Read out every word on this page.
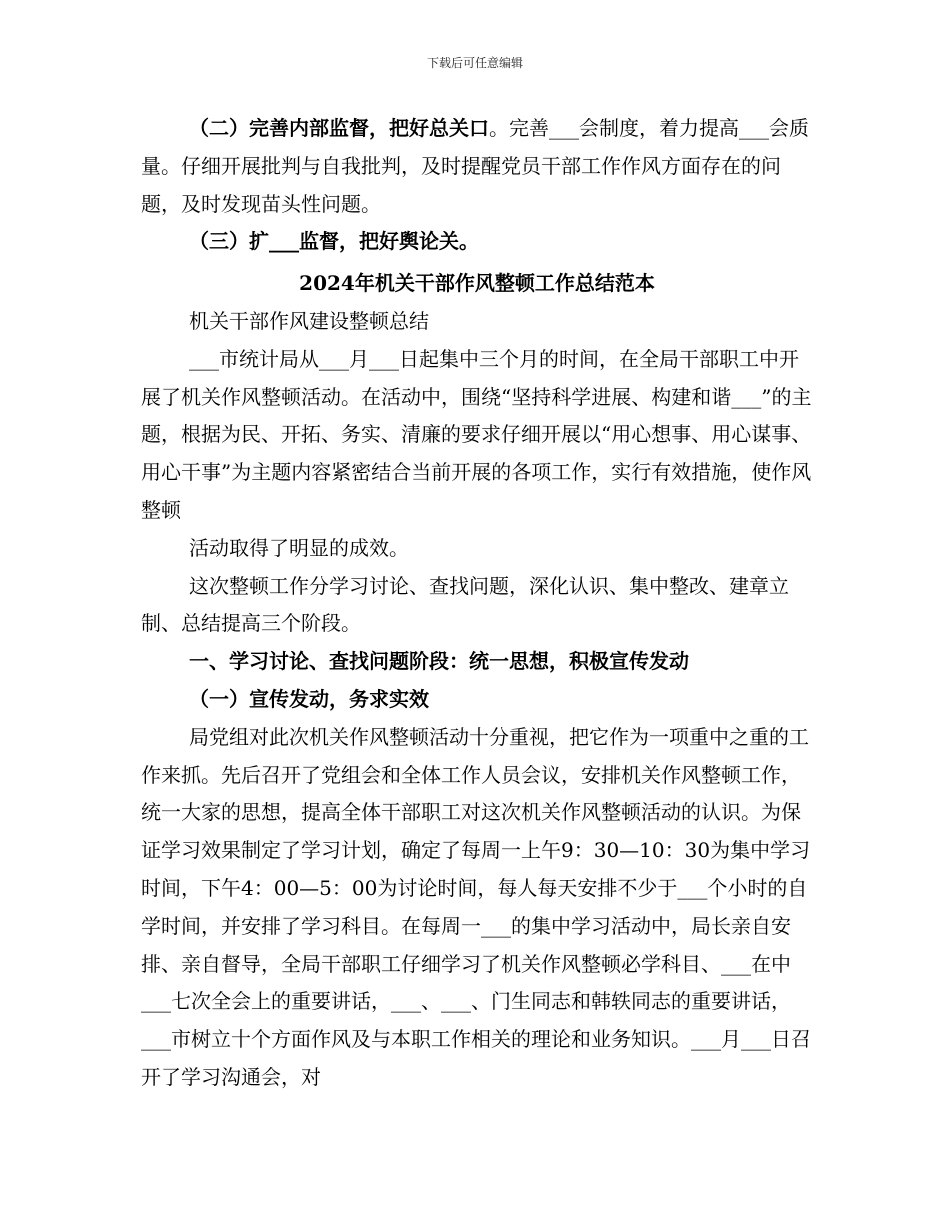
下载后可任意编辑

（二）完善内部监督，把好总关口。完善___会制度，着力提高___会质量。仔细开展批判与自我批判，及时提醒党员干部工作作风方面存在的问题，及时发现苗头性问题。

（三）扩___监督，把好舆论关。

2024年机关干部作风整顿工作总结范本

机关干部作风建设整顿总结

___市统计局从___月___日起集中三个月的时间，在全局干部职工中开展了机关作风整顿活动。在活动中，围绕“坚持科学进展、构建和谐___”的主题，根据为民、开拓、务实、清廉的要求仔细开展以“用心想事、用心谋事、用心干事”为主题内容紧密结合当前开展的各项工作，实行有效措施，使作风整顿

活动取得了明显的成效。

这次整顿工作分学习讨论、查找问题，深化认识、集中整改、建章立制、总结提高三个阶段。

一、学习讨论、查找问题阶段：统一思想，积极宣传发动

（一）宣传发动，务求实效

局党组对此次机关作风整顿活动十分重视，把它作为一项重中之重的工作来抓。先后召开了党组会和全体工作人员会议，安排机关作风整顿工作，统一大家的思想，提高全体干部职工对这次机关作风整顿活动的认识。为保证学习效果制定了学习计划，确定了每周一上午9：30—10：30为集中学习时间，下午4：00—5：00为讨论时间，每人每天安排不少于___个小时的自学时间，并安排了学习科目。在每周一___的集中学习活动中，局长亲自安排、亲自督导，全局干部职工仔细学习了机关作风整顿必学科目、___在中___七次全会上的重要讲话，___、___、门生同志和韩轶同志的重要讲话，___市树立十个方面作风及与本职工作相关的理论和业务知识。___月___日召开了学习沟通会，对
